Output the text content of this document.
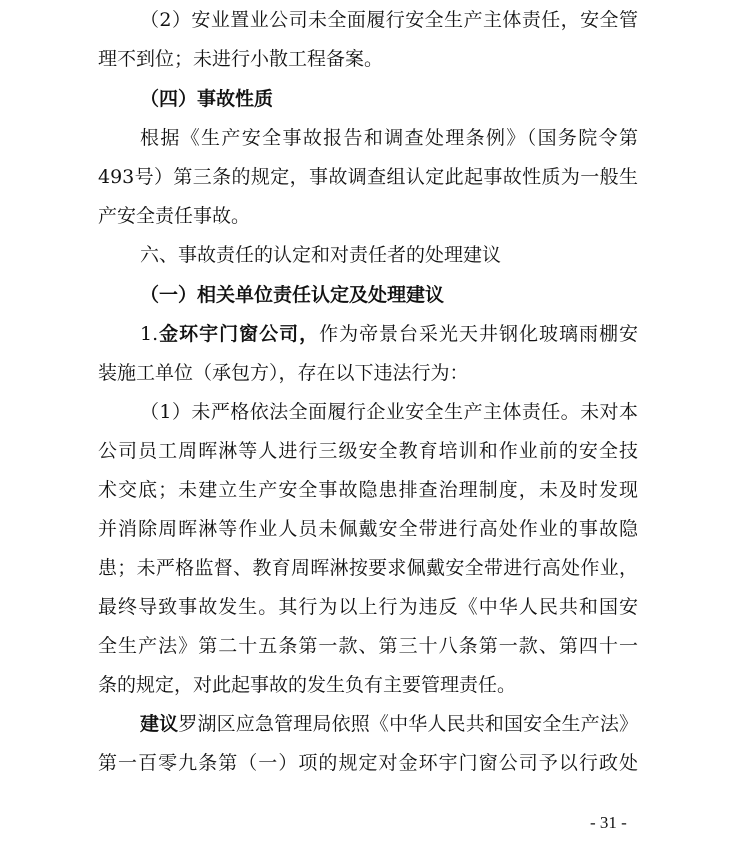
（2）安业置业公司未全面履行安全生产主体责任，安全管
理不到位；未进行小散工程备案。
（四）事故性质
根据《生产安全事故报告和调查处理条例》（国务院令第
493号）第三条的规定，事故调查组认定此起事故性质为一般生
产安全责任事故。
六、事故责任的认定和对责任者的处理建议
（一）相关单位责任认定及处理建议
1.金环宇门窗公司，作为帝景台采光天井钢化玻璃雨棚安
装施工单位（承包方），存在以下违法行为：
（1）未严格依法全面履行企业安全生产主体责任。未对本
公司员工周晖淋等人进行三级安全教育培训和作业前的安全技
术交底；未建立生产安全事故隐患排查治理制度，未及时发现
并消除周晖淋等作业人员未佩戴安全带进行高处作业的事故隐
患；未严格监督、教育周晖淋按要求佩戴安全带进行高处作业，
最终导致事故发生。其行为以上行为违反《中华人民共和国安
全生产法》第二十五条第一款、第三十八条第一款、第四十一
条的规定，对此起事故的发生负有主要管理责任。
建议罗湖区应急管理局依照《中华人民共和国安全生产法》
第一百零九条第（一）项的规定对金环宇门窗公司予以行政处
- 31 -
